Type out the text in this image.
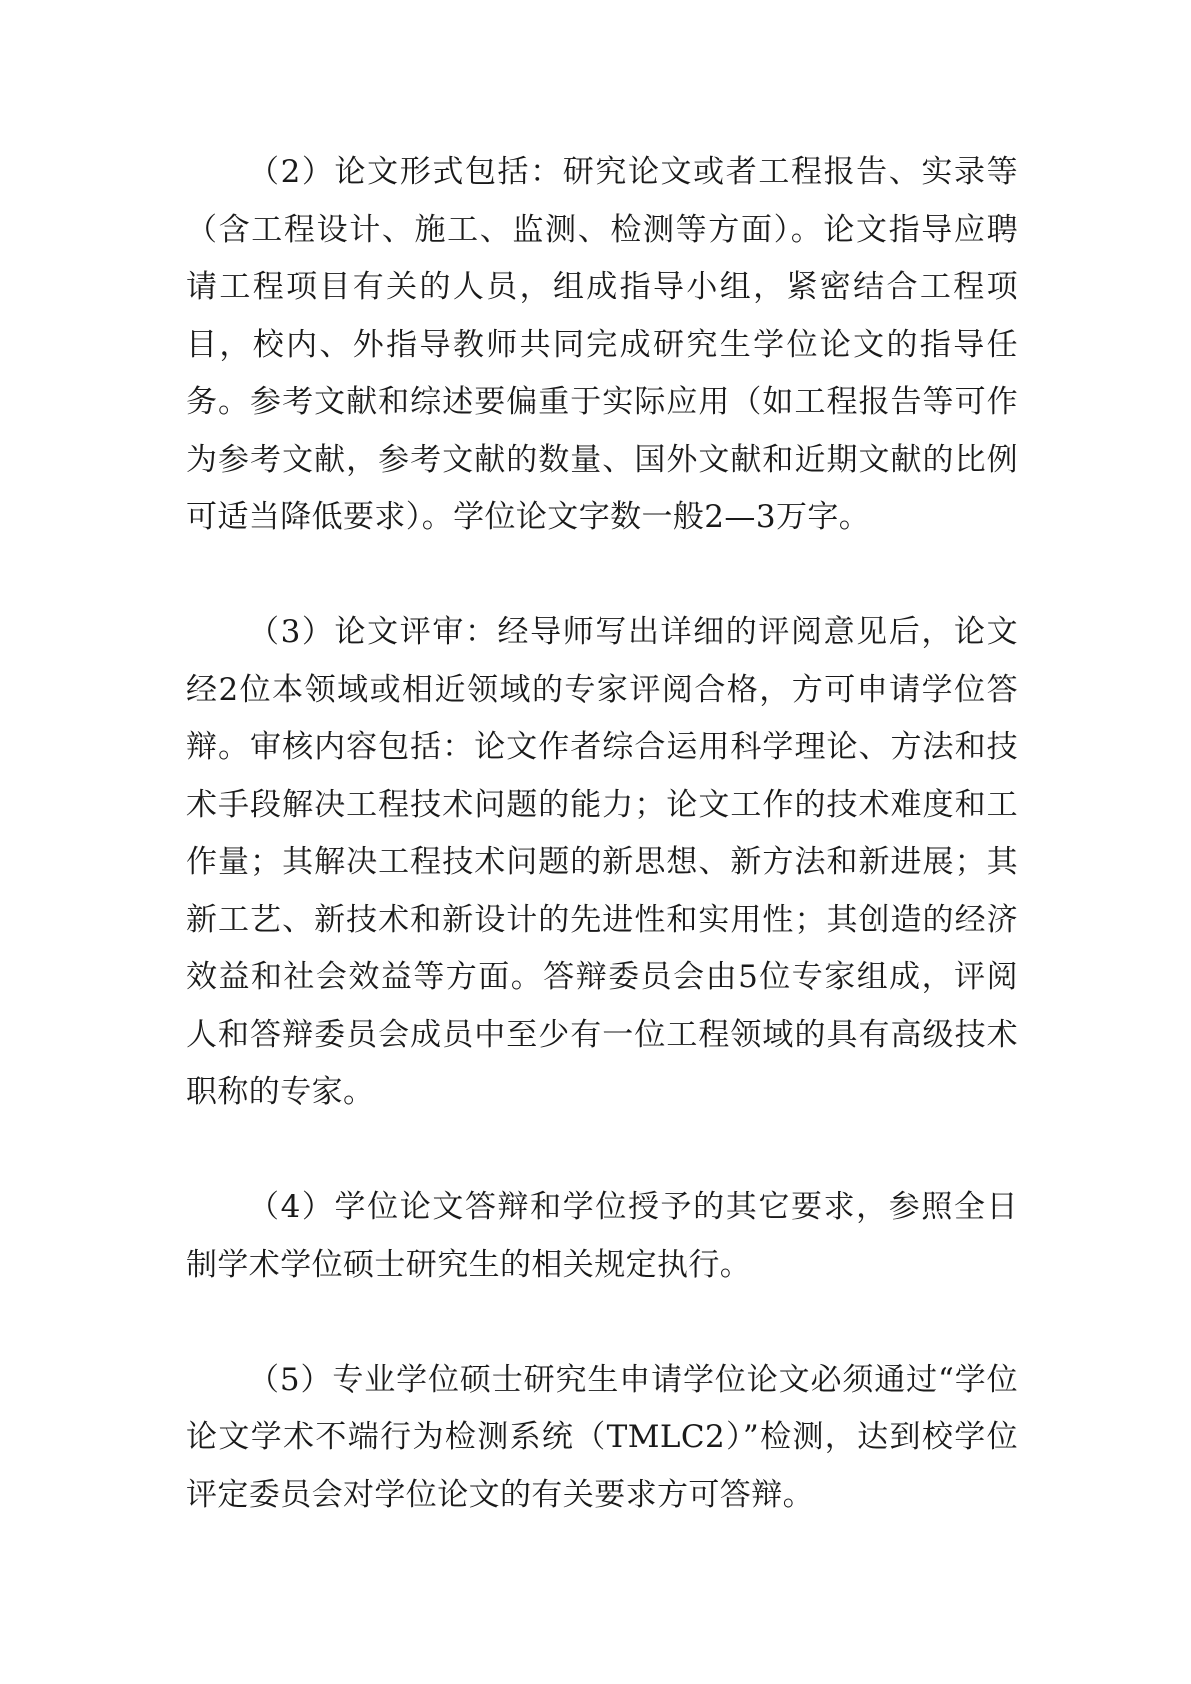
（2）论文形式包括：研究论文或者工程报告、实录等（含工程设计、施工、监测、检测等方面）。论文指导应聘请工程项目有关的人员，组成指导小组，紧密结合工程项目，校内、外指导教师共同完成研究生学位论文的指导任务。参考文献和综述要偏重于实际应用（如工程报告等可作为参考文献，参考文献的数量、国外文献和近期文献的比例可适当降低要求）。学位论文字数一般2—3万字。

（3）论文评审：经导师写出详细的评阅意见后，论文经2位本领域或相近领域的专家评阅合格，方可申请学位答辩。审核内容包括：论文作者综合运用科学理论、方法和技术手段解决工程技术问题的能力；论文工作的技术难度和工作量；其解决工程技术问题的新思想、新方法和新进展；其新工艺、新技术和新设计的先进性和实用性；其创造的经济效益和社会效益等方面。答辩委员会由5位专家组成，评阅人和答辩委员会成员中至少有一位工程领域的具有高级技术职称的专家。

（4）学位论文答辩和学位授予的其它要求，参照全日制学术学位硕士研究生的相关规定执行。

（5）专业学位硕士研究生申请学位论文必须通过“学位论文学术不端行为检测系统（TMLC2）”检测，达到校学位评定委员会对学位论文的有关要求方可答辩。
